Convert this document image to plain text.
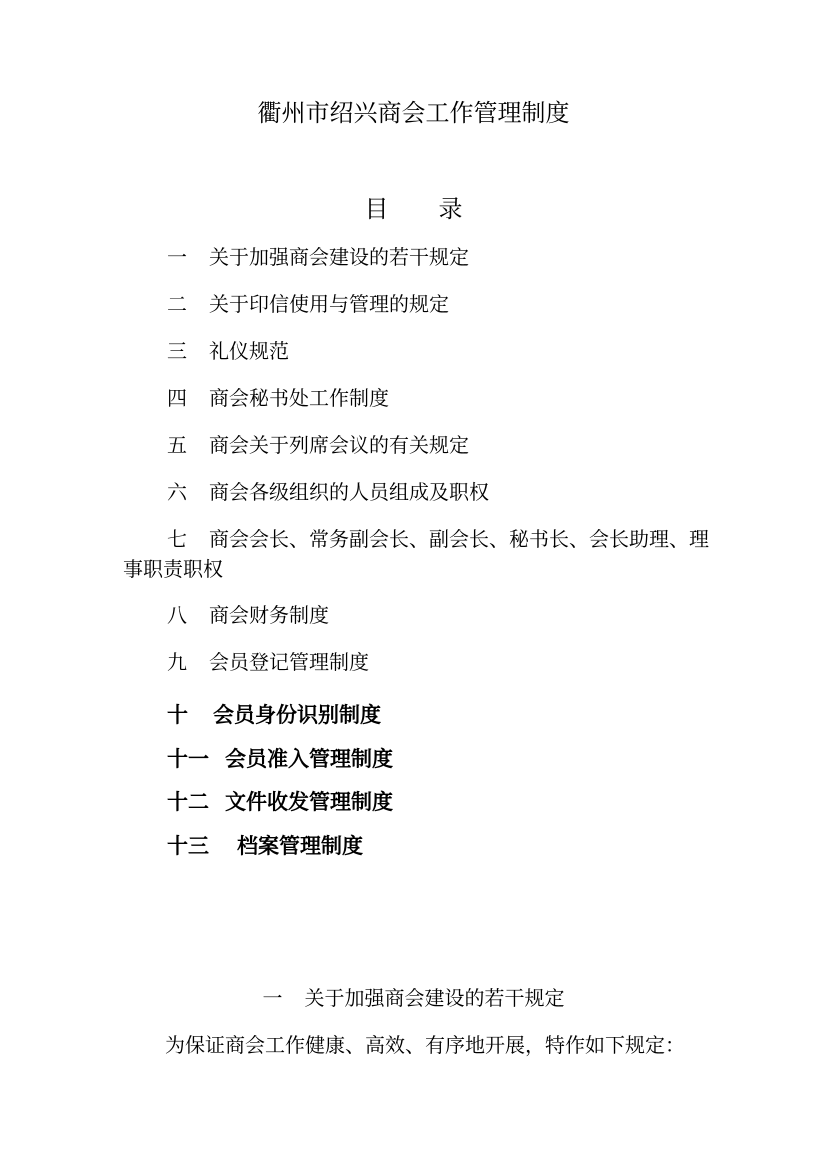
衢州市绍兴商会工作管理制度
目 录
一 关于加强商会建设的若干规定
二 关于印信使用与管理的规定
三 礼仪规范
四 商会秘书处工作制度
五 商会关于列席会议的有关规定
六 商会各级组织的人员组成及职权
七 商会会长、常务副会长、副会长、秘书长、会长助理、理事职责职权
八 商会财务制度
九 会员登记管理制度
十 会员身份识别制度
十一 会员准入管理制度
十二 文件收发管理制度
十三 档案管理制度
一 关于加强商会建设的若干规定

为保证商会工作健康、高效、有序地开展，特作如下规定：
